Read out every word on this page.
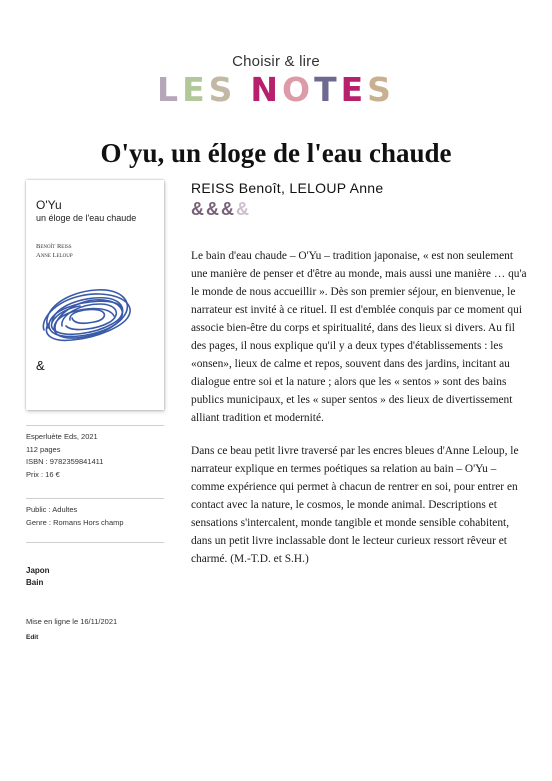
Choisir & lire
LES NOTES
O'yu, un éloge de l'eau chaude
O'Yu
un éloge de l'eau chaude
Benoît Reiss
Anne Leloup
&
Esperluète Eds, 2021
112 pages
ISBN : 9782359841411
Prix : 16 €
Public : Adultes
Genre : Romans Hors champ
Japon
Bain
Mise en ligne le 16/11/2021
Edit
REISS Benoît, LELOUP Anne
&&&&

Le bain d'eau chaude – O'Yu – tradition japonaise, « est non seulement une manière de penser et d'être au monde, mais aussi une manière … qu'a le monde de nous accueillir ». Dès son premier séjour, en bienvenue, le narrateur est invité à ce rituel. Il est d'emblée conquis par ce moment qui associe bien-être du corps et spiritualité, dans des lieux si divers. Au fil des pages, il nous explique qu'il y a deux types d'établissements : les «onsen», lieux de calme et repos, souvent dans des jardins, incitant au dialogue entre soi et la nature ; alors que les « sentos » sont des bains publics municipaux, et les « super sentos » des lieux de divertissement alliant tradition et modernité.

Dans ce beau petit livre traversé par les encres bleues d'Anne Leloup, le narrateur explique en termes poétiques sa relation au bain – O'Yu – comme expérience qui permet à chacun de rentrer en soi, pour entrer en contact avec la nature, le cosmos, le monde animal. Descriptions et sensations s'intercalent, monde tangible et monde sensible cohabitent, dans un petit livre inclassable dont le lecteur curieux ressort rêveur et charmé. (M.-T.D. et S.H.)
